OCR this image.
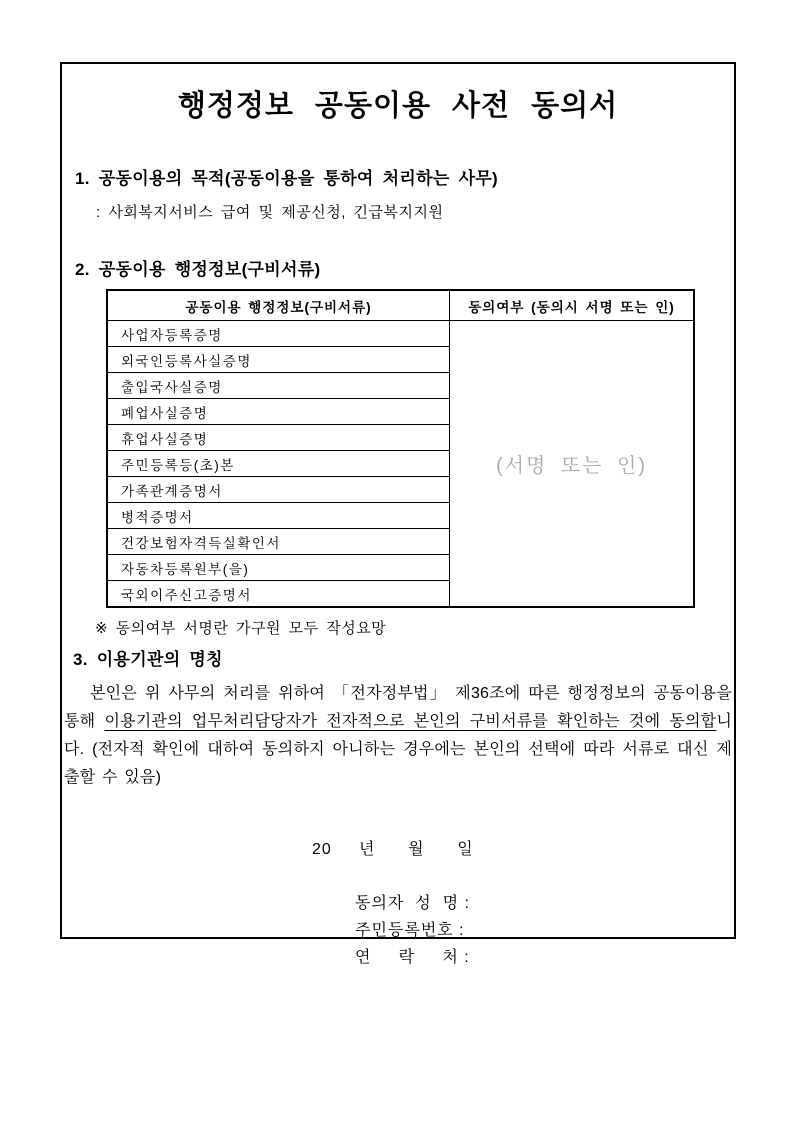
행정정보 공동이용 사전 동의서
1. 공동이용의 목적(공동이용을 통하여 처리하는 사무)
: 사회복지서비스 급여 및 제공신청, 긴급복지지원
2. 공동이용 행정정보(구비서류)
공동이용 행정정보(구비서류)	동의여부 (동의시 서명 또는 인)
사업자등록증명	(서명 또는 인)
외국인등록사실증명	
출입국사실증명	
폐업사실증명	
휴업사실증명	
주민등록등(초)본	
가족관계증명서	
병적증명서	
건강보험자격득실확인서	
자동차등록원부(을)	
국외이주신고증명서	
※ 동의여부 서명란 가구원 모두 작성요망
3. 이용기관의 명칭

본인은 위 사무의 처리를 위하여 「전자정부법」 제36조에 따른 행정정보의 공동이용을 통해 이용기관의 업무처리담당자가 전자적으로 본인의 구비서류를 확인하는 것에 동의합니다. (전자적 확인에 대하여 동의하지 아니하는 경우에는 본인의 선택에 따라 서류로 대신 제출할 수 있음)

20     년      월      일
동의자  성  명 :
주민등록번호 :
연     락     처 :
